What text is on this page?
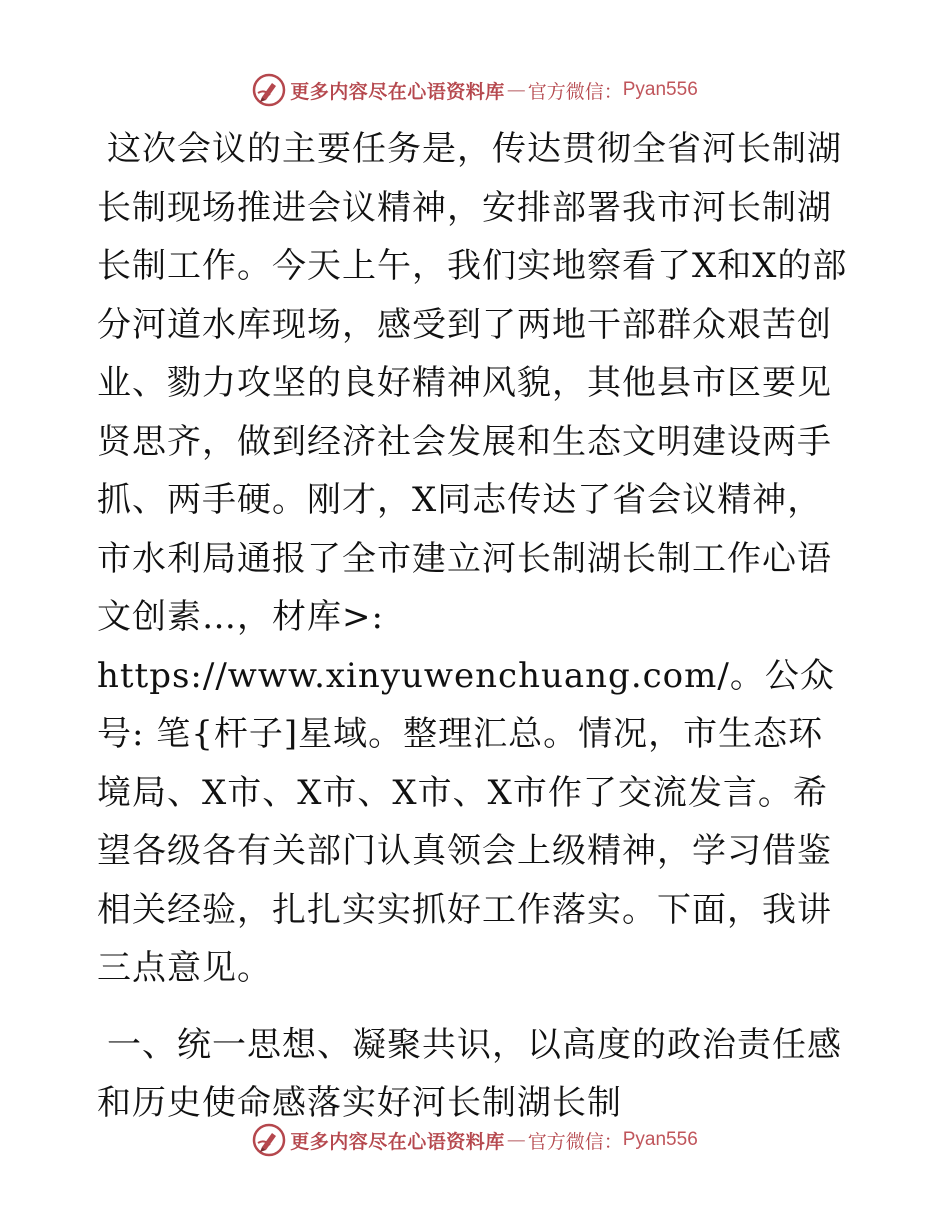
更多内容尽在心语资料库 — 官方微信： Pyan556

这次会议的主要任务是，传达贯彻全省河长制湖长制现场推进会议精神，安排部署我市河长制湖长制工作。今天上午，我们实地察看了X和X的部分河道水库现场，感受到了两地干部群众艰苦创业、勠力攻坚的良好精神风貌，其他县市区要见贤思齐，做到经济社会发展和生态文明建设两手抓、两手硬。刚才，X同志传达了省会议精神，市水利局通报了全市建立河长制湖长制工作心语文创素…，材库>: https://www.xinyuwenchuang.com/。公众号: 笔{杆子]星域。整理汇总。情况，市生态环境局、X市、X市、X市、X市作了交流发言。希望各级各有关部门认真领会上级精神，学习借鉴相关经验，扎扎实实抓好工作落实。下面，我讲三点意见。

一、统一思想、凝聚共识，以高度的政治责任感和历史使命感落实好河长制湖长制

更多内容尽在心语资料库 — 官方微信： Pyan556
